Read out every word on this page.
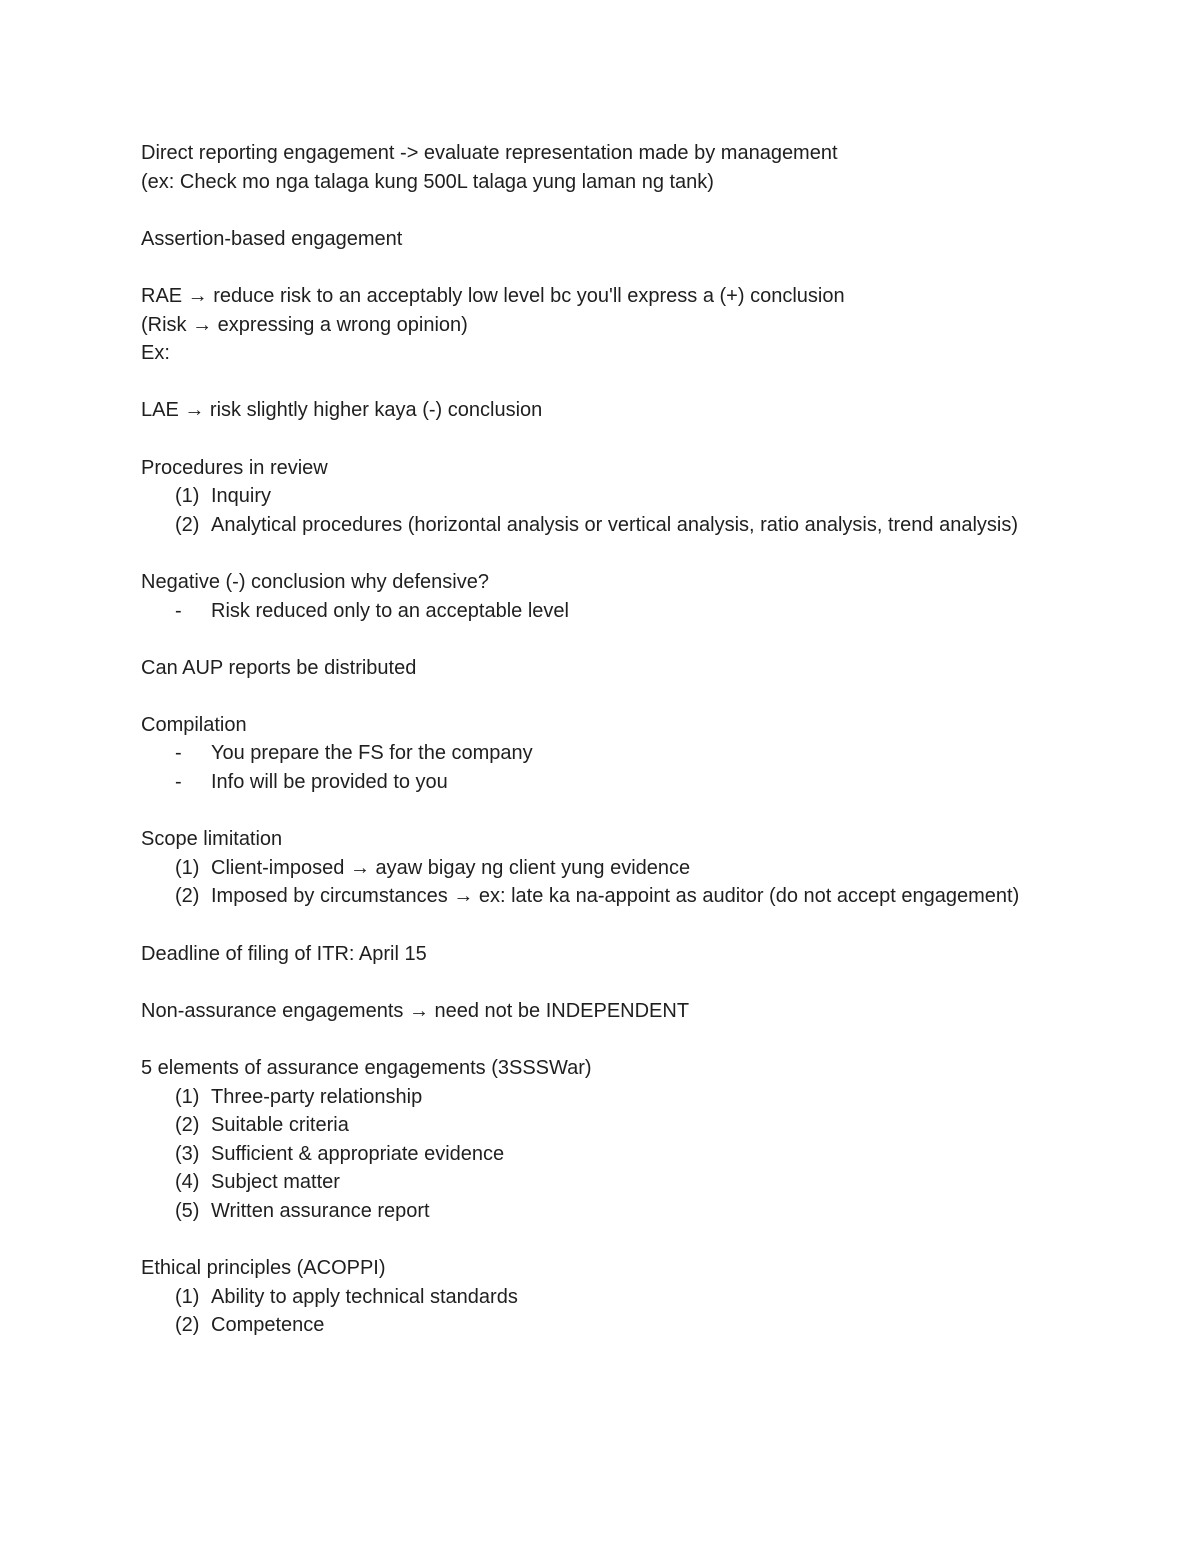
Direct reporting engagement -> evaluate representation made by management
(ex: Check mo nga talaga kung 500L talaga yung laman ng tank)
Assertion-based engagement
RAE → reduce risk to an acceptably low level bc you'll express a (+) conclusion
(Risk → expressing a wrong opinion)
Ex:
LAE → risk slightly higher kaya (-) conclusion
Procedures in review
(1) Inquiry
(2) Analytical procedures (horizontal analysis or vertical analysis, ratio analysis, trend analysis)
Negative (-) conclusion why defensive?
- Risk reduced only to an acceptable level
Can AUP reports be distributed
Compilation
- You prepare the FS for the company
- Info will be provided to you
Scope limitation
(1) Client-imposed → ayaw bigay ng client yung evidence
(2) Imposed by circumstances → ex: late ka na-appoint as auditor (do not accept engagement)
Deadline of filing of ITR: April 15
Non-assurance engagements → need not be INDEPENDENT
5 elements of assurance engagements (3SSSWar)
(1) Three-party relationship
(2) Suitable criteria
(3) Sufficient & appropriate evidence
(4) Subject matter
(5) Written assurance report
Ethical principles (ACOPPI)
(1) Ability to apply technical standards
(2) Competence
